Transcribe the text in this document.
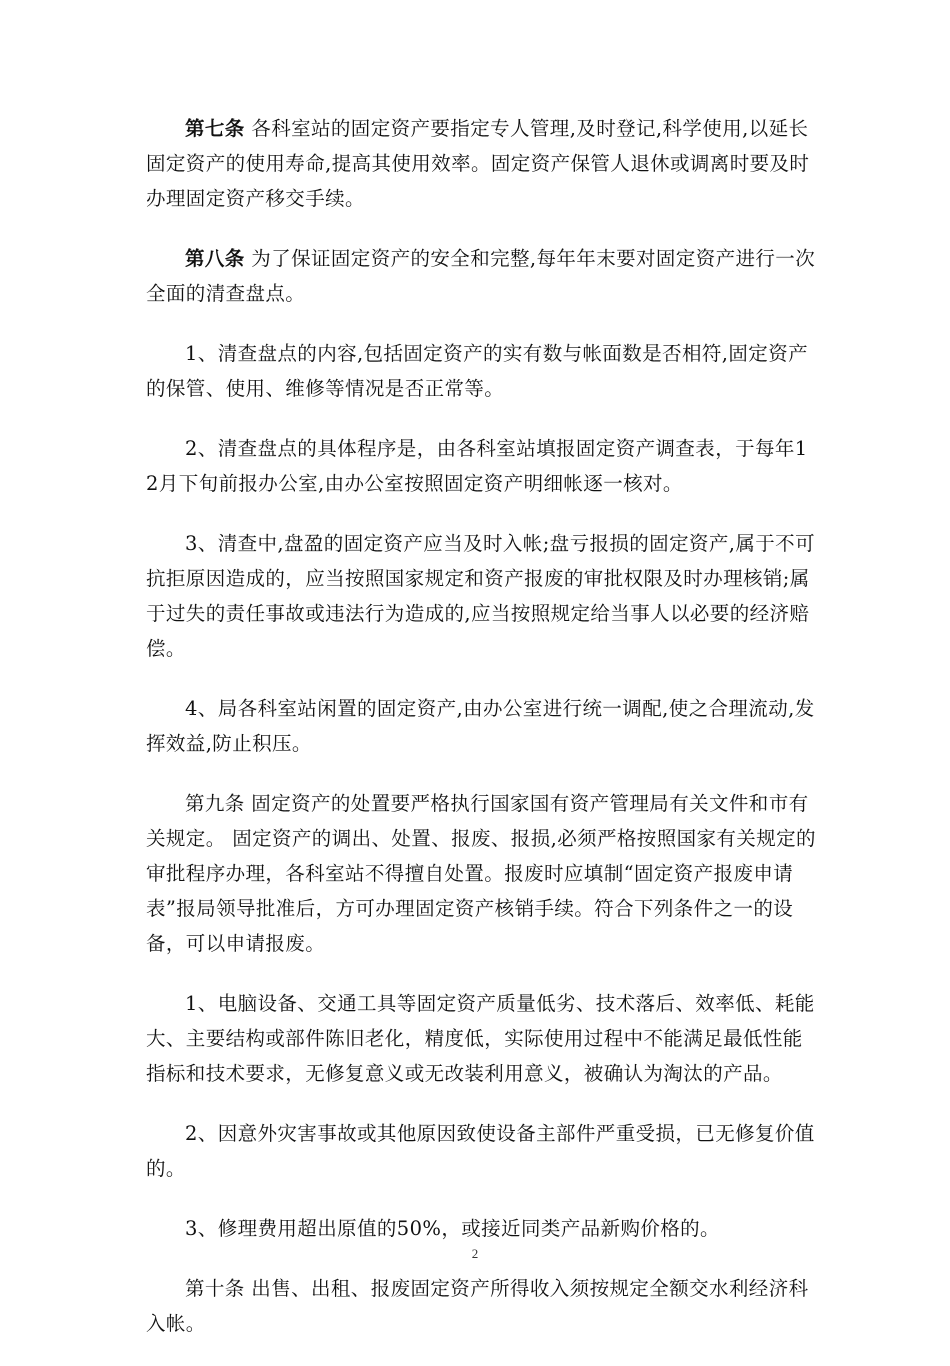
第七条 各科室站的固定资产要指定专人管理,及时登记,科学使用,以延长固定资产的使用寿命,提高其使用效率。固定资产保管人退休或调离时要及时办理固定资产移交手续。

第八条 为了保证固定资产的安全和完整,每年年末要对固定资产进行一次全面的清查盘点。

1、清查盘点的内容,包括固定资产的实有数与帐面数是否相符,固定资产的保管、使用、维修等情况是否正常等。

2、清查盘点的具体程序是，由各科室站填报固定资产调查表，于每年12月下旬前报办公室,由办公室按照固定资产明细帐逐一核对。

3、清查中,盘盈的固定资产应当及时入帐;盘亏报损的固定资产,属于不可抗拒原因造成的，应当按照国家规定和资产报废的审批权限及时办理核销;属于过失的责任事故或违法行为造成的,应当按照规定给当事人以必要的经济赔偿。

4、局各科室站闲置的固定资产,由办公室进行统一调配,使之合理流动,发挥效益,防止积压。

第九条 固定资产的处置要严格执行国家国有资产管理局有关文件和市有关规定。 固定资产的调出、处置、报废、报损,必须严格按照国家有关规定的审批程序办理，各科室站不得擅自处置。报废时应填制“固定资产报废申请表”报局领导批准后，方可办理固定资产核销手续。符合下列条件之一的设备，可以申请报废。

1、电脑设备、交通工具等固定资产质量低劣、技术落后、效率低、耗能大、主要结构或部件陈旧老化，精度低，实际使用过程中不能满足最低性能指标和技术要求，无修复意义或无改装利用意义，被确认为淘汰的产品。

2、因意外灾害事故或其他原因致使设备主部件严重受损，已无修复价值的。

3、修理费用超出原值的50%，或接近同类产品新购价格的。

第十条 出售、出租、报废固定资产所得收入须按规定全额交水利经济科入帐。

2
